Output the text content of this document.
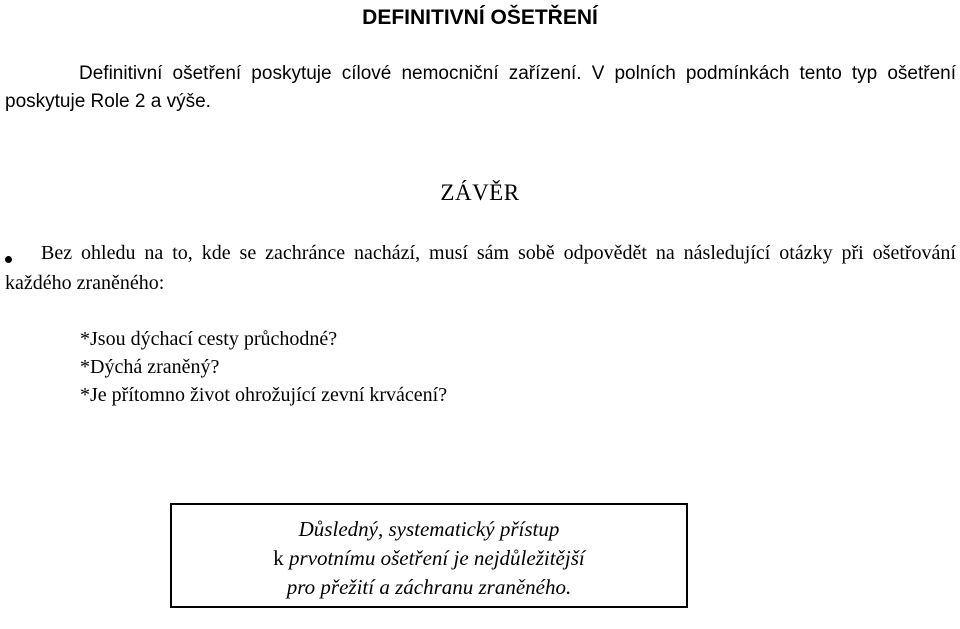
DEFINITIVNÍ OŠETŘENÍ
Definitivní ošetření poskytuje cílové nemocniční zařízení. V polních podmínkách tento typ ošetření poskytuje Role 2 a výše.
ZÁVĚR
Bez ohledu na to, kde se zachránce nachází, musí sám sobě odpovědět na následující otázky při ošetřování každého zraněného:
*Jsou dýchací cesty průchodné?
*Dýchá zraněný?
*Je přítomno život ohrožující zevní krvácení?
Důsledný, systematický přístup
k prvotnímu ošetření je nejdůležitější
pro přežití a záchranu zraněného.
